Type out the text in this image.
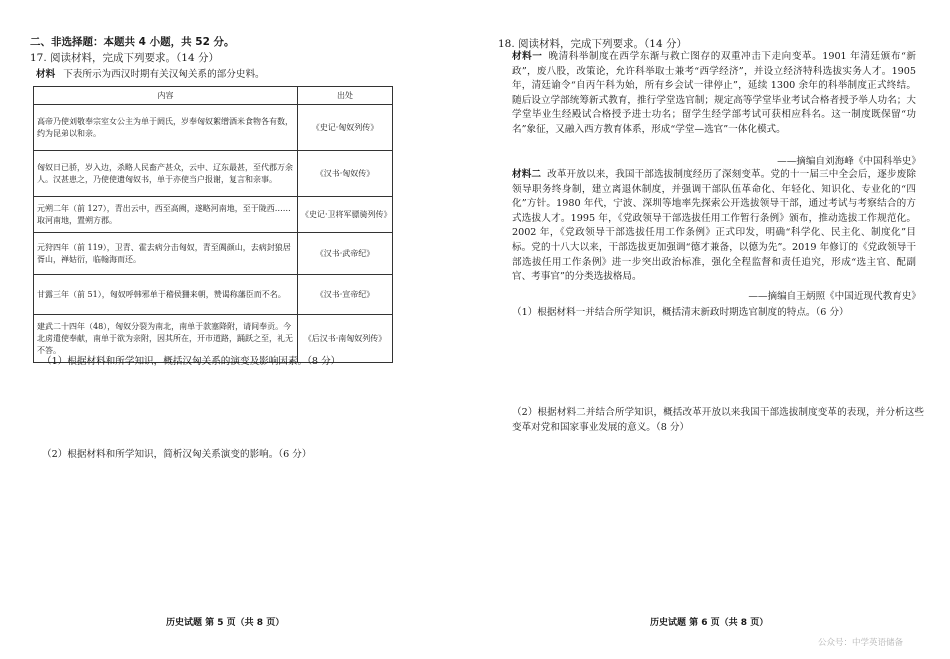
二、非选择题：本题共 4 小题，共 52 分。
17. 阅读材料，完成下列要求。（14 分）
材料 下表所示为西汉时期有关汉匈关系的部分史料。
内容	出处
高帝乃使刘敬奉宗室女公主为单于阏氏，岁奉匈奴絮缯酒米食物各有数，约为昆弟以和亲。	《史记·匈奴列传》
匈奴日已骄，岁入边，杀略人民畜产甚众，云中、辽东最甚，至代郡万余人。汉甚患之，乃使使遗匈奴书，单于亦使当户报谢，复言和亲事。	《汉书·匈奴传》
元朔二年（前 127），青出云中，西至高阙，遂略河南地，至于陇西……取河南地，置朔方郡。	《史记·卫将军骠骑列传》
元狩四年（前 119），卫青、霍去病分击匈奴，青至阗颜山，去病封狼居胥山，禅姑衍，临翰海而还。	《汉书·武帝纪》
甘露三年（前 51），匈奴呼韩邪单于稽侯狦来朝，赞谒称藩臣而不名。	《汉书·宣帝纪》
建武二十四年（48），匈奴分裂为南北，南单于款塞降附，请间奉贡。今北虏遣使奉献，南单于欲为亲附，因其所在，开市道路，踊跃之至，礼无不答。	《后汉书·南匈奴列传》
（1）根据材料和所学知识，概括汉匈关系的演变及影响因素。（8 分）
（2）根据材料和所学知识，简析汉匈关系演变的影响。（6 分）
历史试题 第 5 页（共 8 页）
18. 阅读材料，完成下列要求。（14 分）
材料一 晚清科举制度在西学东渐与救亡图存的双重冲击下走向变革。1901 年清廷颁布“新政”，废八股，改策论，允许科举取士兼考“西学经济”，并设立经济特科选拔实务人才。1905 年，清廷谕令“自丙午科为始，所有乡会试一律停止”，延续 1300 余年的科举制度正式终结。随后设立学部统筹新式教育，推行学堂选官制；规定高等学堂毕业考试合格者授予举人功名；大学堂毕业生经殿试合格授予进士功名；留学生经学部考试可获相应科名。这一制度既保留“功名”象征，又融入西方教育体系，形成“学堂—选官”一体化模式。
——摘编自刘海峰《中国科举史》
材料二 改革开放以来，我国干部选拔制度经历了深刻变革。党的十一届三中全会后，逐步废除领导职务终身制，建立离退休制度，并强调干部队伍革命化、年轻化、知识化、专业化的“四化”方针。1980 年代，宁波、深圳等地率先探索公开选拔领导干部，通过考试与考察结合的方式选拔人才。1995 年，《党政领导干部选拔任用工作暂行条例》颁布，推动选拔工作规范化。2002 年，《党政领导干部选拔任用工作条例》正式印发，明确“科学化、民主化、制度化”目标。党的十八大以来，干部选拔更加强调“德才兼备，以德为先”。2019 年修订的《党政领导干部选拔任用工作条例》进一步突出政治标准，强化全程监督和责任追究，形成“选主官、配副官、考事官”的分类选拔格局。
——摘编自王炳照《中国近现代教育史》
（1）根据材料一并结合所学知识，概括清末新政时期选官制度的特点。（6 分）
（2）根据材料二并结合所学知识，概括改革开放以来我国干部选拔制度变革的表现，并分析这些变革对党和国家事业发展的意义。（8 分）
历史试题 第 6 页（共 8 页）
公众号：中学英语储备
